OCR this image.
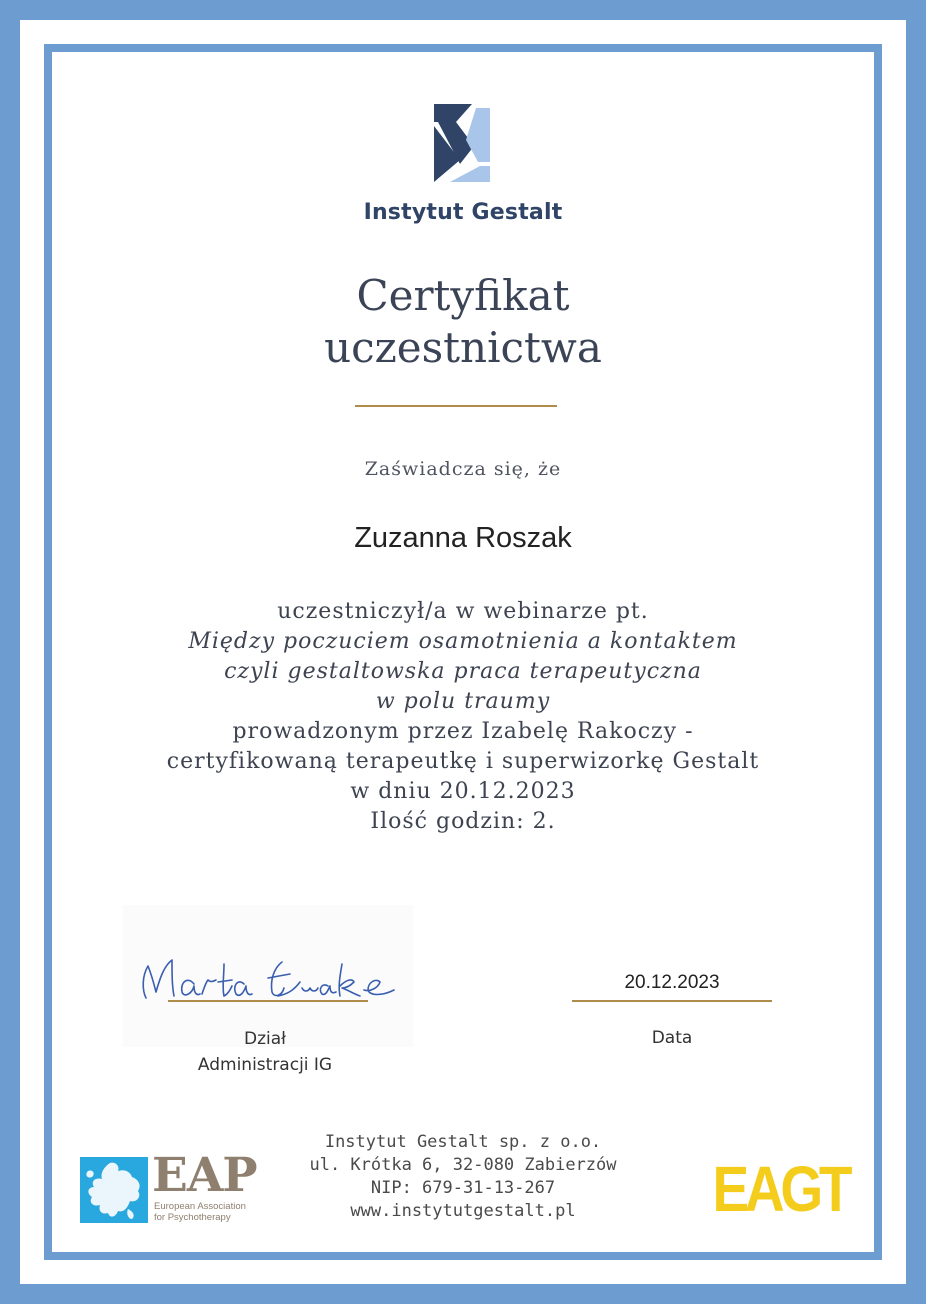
Instytut Gestalt
Certyfikat
uczestnictwa
Zaświadcza się, że
Zuzanna Roszak
uczestniczył/a w webinarze pt.
Między poczuciem osamotnienia a kontaktem
czyli gestaltowska praca terapeutyczna
w polu traumy
prowadzonym przez Izabelę Rakoczy -
certyfikowaną terapeutkę i superwizorkę Gestalt
w dniu 20.12.2023
Ilość godzin: 2.
Dział
Administracji IG
20.12.2023
Data
Instytut Gestalt sp. z o.o.
ul. Krótka 6, 32-080 Zabierzów
NIP: 679-31-13-267
www.instytutgestalt.pl
EAP
European Association
for Psychotherapy	EAGT
